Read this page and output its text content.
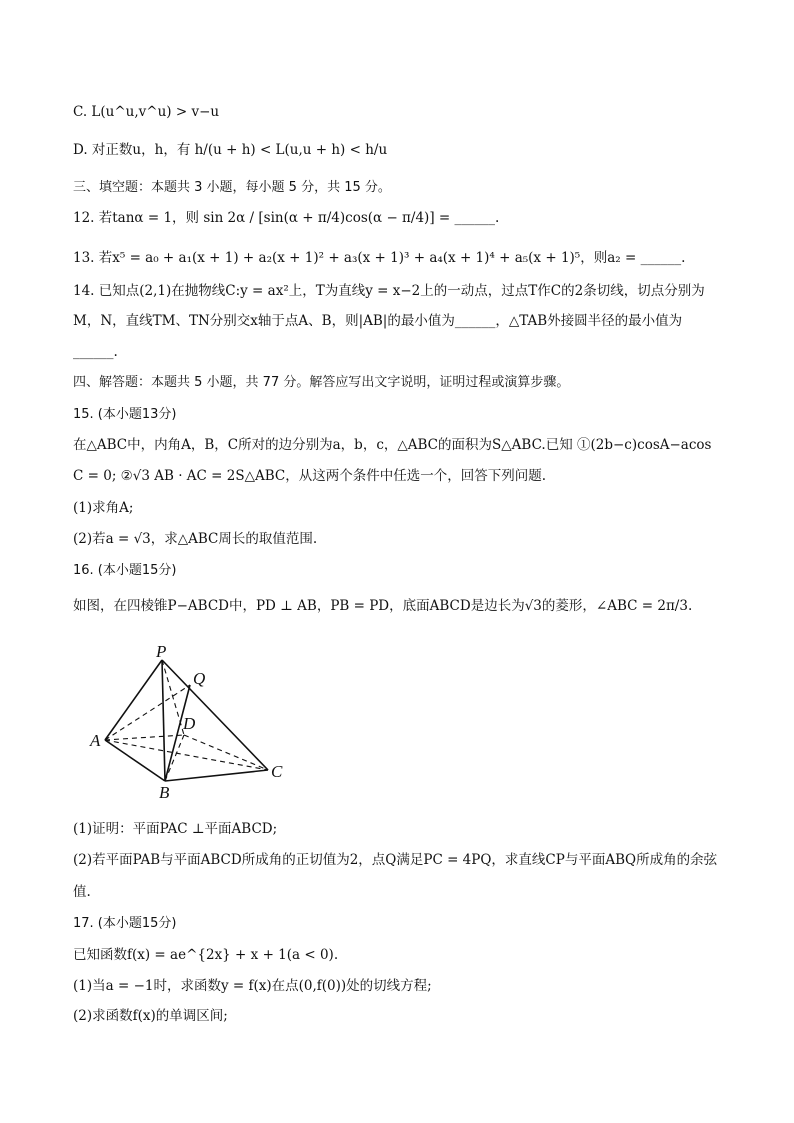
C. L(u^u,v^u) > v−u
D. 对正数u，h，有 h/(u + h) < L(u,u + h) < h/u
三、填空题：本题共 3 小题，每小题 5 分，共 15 分。
12. 若tanα = 1，则 sin 2α / [sin(α + π/4)cos(α − π/4)] = ______.
13. 若x⁵ = a₀ + a₁(x + 1) + a₂(x + 1)² + a₃(x + 1)³ + a₄(x + 1)⁴ + a₅(x + 1)⁵，则a₂ = ______.
14. 已知点(2,1)在抛物线C:y = ax²上，T为直线y = x−2上的一动点，过点T作C的2条切线，切点分别为
M，N，直线TM、TN分别交x轴于点A、B，则|AB|的最小值为______，△TAB外接圆半径的最小值为
______.
四、解答题：本题共 5 小题，共 77 分。解答应写出文字说明，证明过程或演算步骤。
15. (本小题13分)
在△ABC中，内角A，B，C所对的边分别为a，b，c，△ABC的面积为S△ABC.已知 ①(2b−c)cosA−acos
C = 0; ②√3 AB · AC = 2S△ABC，从这两个条件中任选一个，回答下列问题.
(1)求角A;
(2)若a = √3，求△ABC周长的取值范围.
16. (本小题15分)
如图，在四棱锥P−ABCD中，PD ⊥ AB，PB = PD，底面ABCD是边长为√3的菱形，∠ABC = 2π/3.
P
Q
D
A
B
C
(1)证明：平面PAC ⊥平面ABCD;
(2)若平面PAB与平面ABCD所成角的正切值为2，点Q满足PC = 4PQ，求直线CP与平面ABQ所成角的余弦
值.
17. (本小题15分)
已知函数f(x) = ae^{2x} + x + 1(a < 0).
(1)当a = −1时，求函数y = f(x)在点(0,f(0))处的切线方程;
(2)求函数f(x)的单调区间;
